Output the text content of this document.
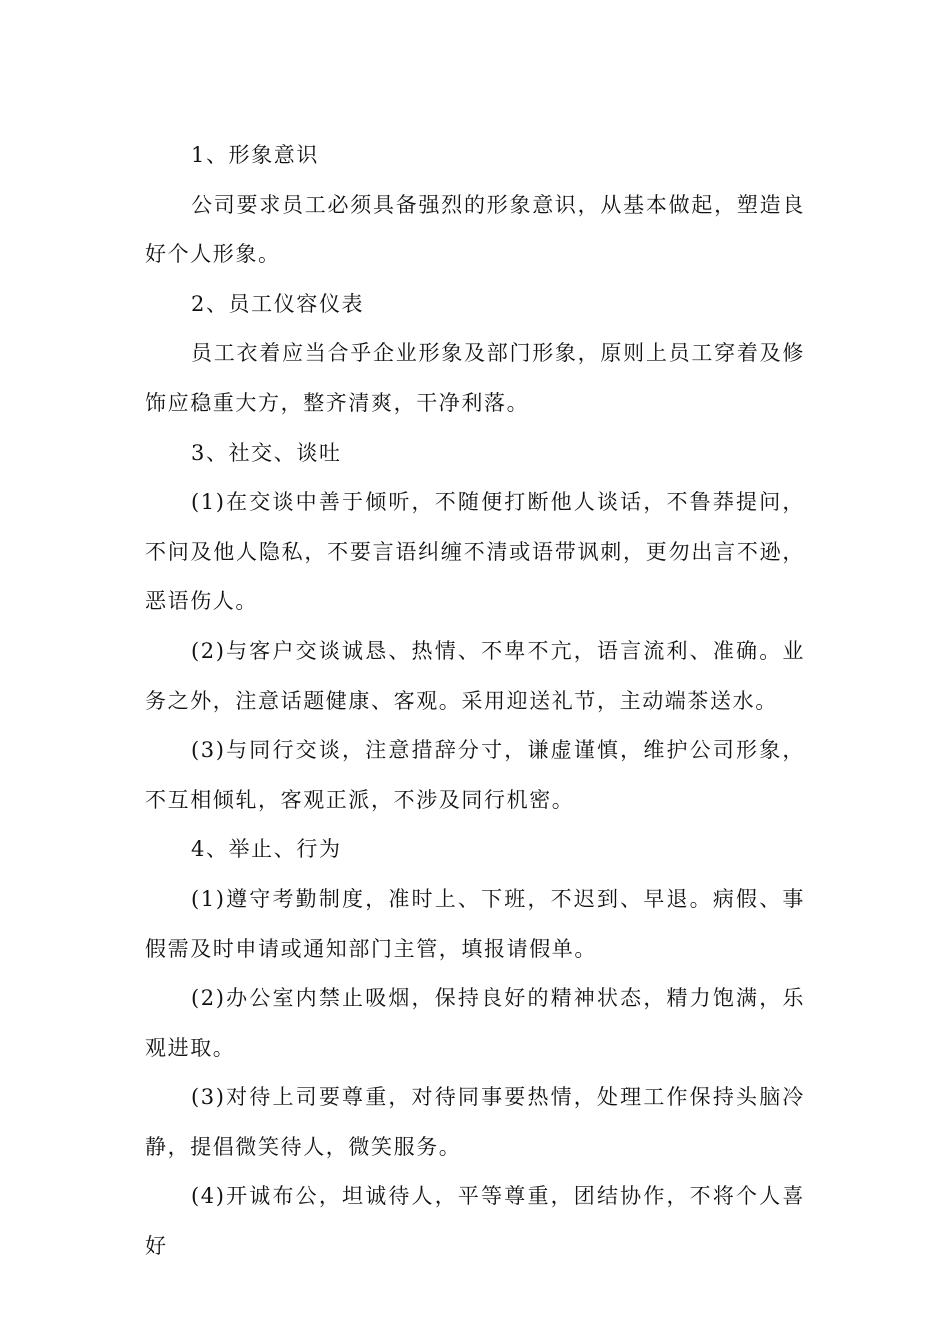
1、形象意识

公司要求员工必须具备强烈的形象意识，从基本做起，塑造良好个人形象。

2、员工仪容仪表

员工衣着应当合乎企业形象及部门形象，原则上员工穿着及修饰应稳重大方，整齐清爽，干净利落。

3、社交、谈吐

(1)在交谈中善于倾听，不随便打断他人谈话，不鲁莽提问，不问及他人隐私，不要言语纠缠不清或语带讽刺，更勿出言不逊，恶语伤人。

(2)与客户交谈诚恳、热情、不卑不亢，语言流利、准确。业务之外，注意话题健康、客观。采用迎送礼节，主动端茶送水。

(3)与同行交谈，注意措辞分寸，谦虚谨慎，维护公司形象，不互相倾轧，客观正派，不涉及同行机密。

4、举止、行为

(1)遵守考勤制度，准时上、下班，不迟到、早退。病假、事假需及时申请或通知部门主管，填报请假单。

(2)办公室内禁止吸烟，保持良好的精神状态，精力饱满，乐观进取。

(3)对待上司要尊重，对待同事要热情，处理工作保持头脑冷静，提倡微笑待人，微笑服务。

(4)开诚布公，坦诚待人，平等尊重，团结协作，不将个人喜好
